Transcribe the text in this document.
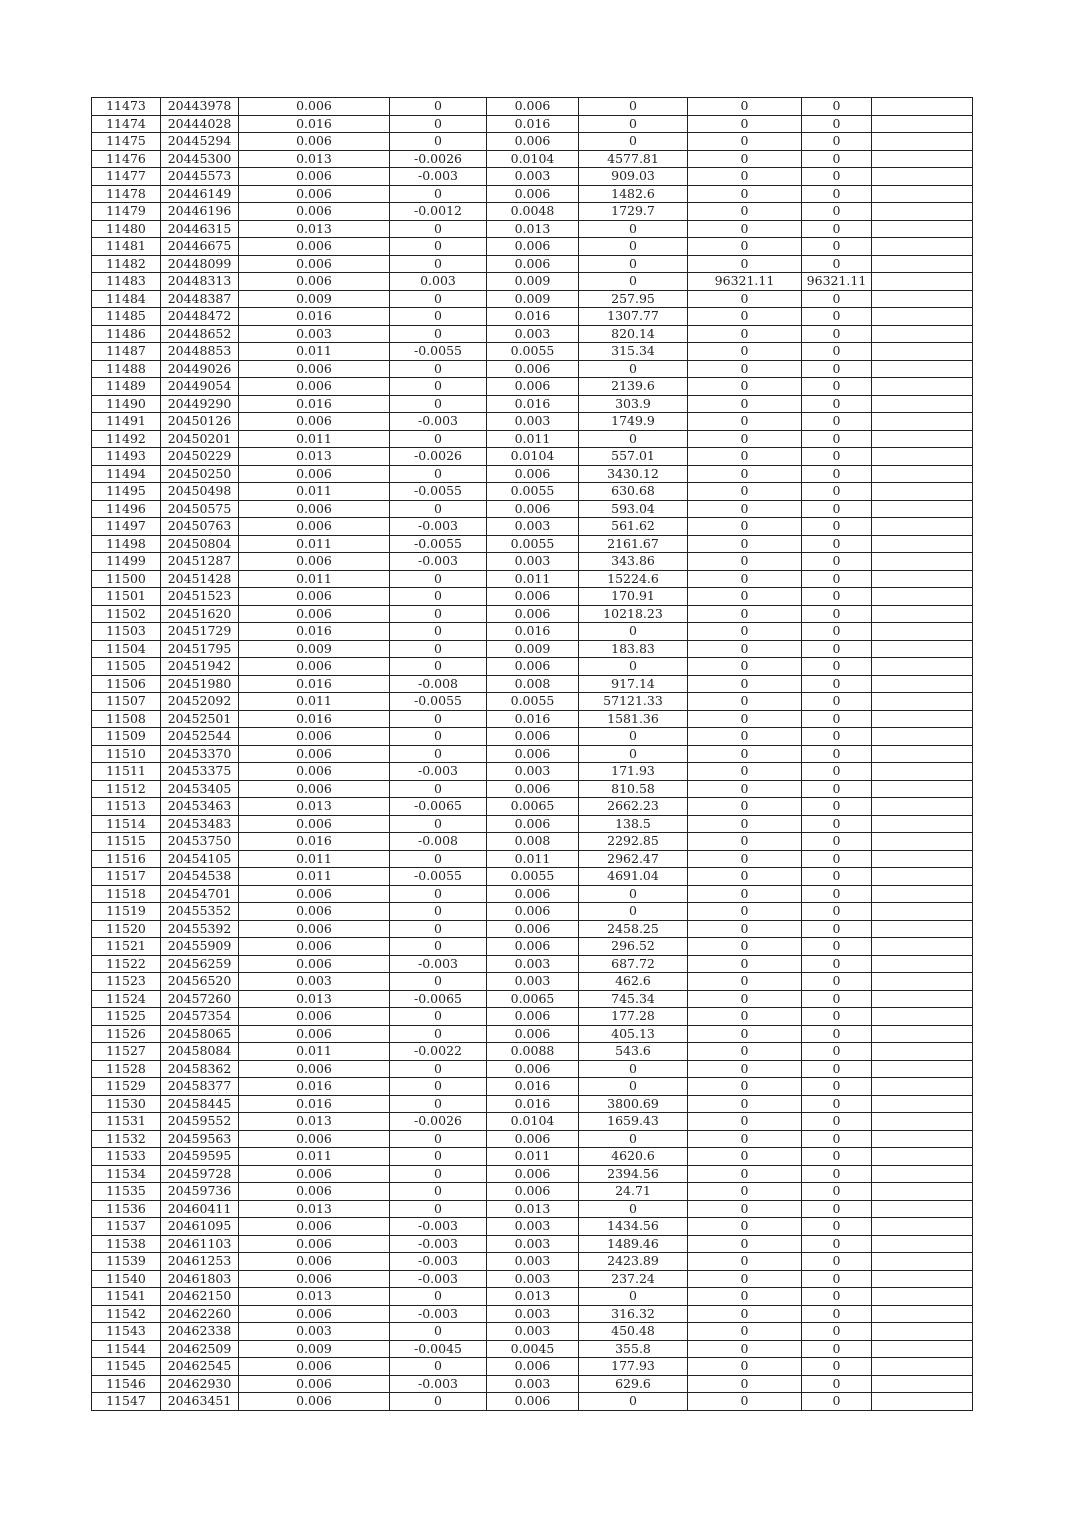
11473	20443978	0.006	0	0.006	0	0	0	
11474	20444028	0.016	0	0.016	0	0	0	
11475	20445294	0.006	0	0.006	0	0	0	
11476	20445300	0.013	-0.0026	0.0104	4577.81	0	0	
11477	20445573	0.006	-0.003	0.003	909.03	0	0	
11478	20446149	0.006	0	0.006	1482.6	0	0	
11479	20446196	0.006	-0.0012	0.0048	1729.7	0	0	
11480	20446315	0.013	0	0.013	0	0	0	
11481	20446675	0.006	0	0.006	0	0	0	
11482	20448099	0.006	0	0.006	0	0	0	
11483	20448313	0.006	0.003	0.009	0	96321.11	96321.11	
11484	20448387	0.009	0	0.009	257.95	0	0	
11485	20448472	0.016	0	0.016	1307.77	0	0	
11486	20448652	0.003	0	0.003	820.14	0	0	
11487	20448853	0.011	-0.0055	0.0055	315.34	0	0	
11488	20449026	0.006	0	0.006	0	0	0	
11489	20449054	0.006	0	0.006	2139.6	0	0	
11490	20449290	0.016	0	0.016	303.9	0	0	
11491	20450126	0.006	-0.003	0.003	1749.9	0	0	
11492	20450201	0.011	0	0.011	0	0	0	
11493	20450229	0.013	-0.0026	0.0104	557.01	0	0	
11494	20450250	0.006	0	0.006	3430.12	0	0	
11495	20450498	0.011	-0.0055	0.0055	630.68	0	0	
11496	20450575	0.006	0	0.006	593.04	0	0	
11497	20450763	0.006	-0.003	0.003	561.62	0	0	
11498	20450804	0.011	-0.0055	0.0055	2161.67	0	0	
11499	20451287	0.006	-0.003	0.003	343.86	0	0	
11500	20451428	0.011	0	0.011	15224.6	0	0	
11501	20451523	0.006	0	0.006	170.91	0	0	
11502	20451620	0.006	0	0.006	10218.23	0	0	
11503	20451729	0.016	0	0.016	0	0	0	
11504	20451795	0.009	0	0.009	183.83	0	0	
11505	20451942	0.006	0	0.006	0	0	0	
11506	20451980	0.016	-0.008	0.008	917.14	0	0	
11507	20452092	0.011	-0.0055	0.0055	57121.33	0	0	
11508	20452501	0.016	0	0.016	1581.36	0	0	
11509	20452544	0.006	0	0.006	0	0	0	
11510	20453370	0.006	0	0.006	0	0	0	
11511	20453375	0.006	-0.003	0.003	171.93	0	0	
11512	20453405	0.006	0	0.006	810.58	0	0	
11513	20453463	0.013	-0.0065	0.0065	2662.23	0	0	
11514	20453483	0.006	0	0.006	138.5	0	0	
11515	20453750	0.016	-0.008	0.008	2292.85	0	0	
11516	20454105	0.011	0	0.011	2962.47	0	0	
11517	20454538	0.011	-0.0055	0.0055	4691.04	0	0	
11518	20454701	0.006	0	0.006	0	0	0	
11519	20455352	0.006	0	0.006	0	0	0	
11520	20455392	0.006	0	0.006	2458.25	0	0	
11521	20455909	0.006	0	0.006	296.52	0	0	
11522	20456259	0.006	-0.003	0.003	687.72	0	0	
11523	20456520	0.003	0	0.003	462.6	0	0	
11524	20457260	0.013	-0.0065	0.0065	745.34	0	0	
11525	20457354	0.006	0	0.006	177.28	0	0	
11526	20458065	0.006	0	0.006	405.13	0	0	
11527	20458084	0.011	-0.0022	0.0088	543.6	0	0	
11528	20458362	0.006	0	0.006	0	0	0	
11529	20458377	0.016	0	0.016	0	0	0	
11530	20458445	0.016	0	0.016	3800.69	0	0	
11531	20459552	0.013	-0.0026	0.0104	1659.43	0	0	
11532	20459563	0.006	0	0.006	0	0	0	
11533	20459595	0.011	0	0.011	4620.6	0	0	
11534	20459728	0.006	0	0.006	2394.56	0	0	
11535	20459736	0.006	0	0.006	24.71	0	0	
11536	20460411	0.013	0	0.013	0	0	0	
11537	20461095	0.006	-0.003	0.003	1434.56	0	0	
11538	20461103	0.006	-0.003	0.003	1489.46	0	0	
11539	20461253	0.006	-0.003	0.003	2423.89	0	0	
11540	20461803	0.006	-0.003	0.003	237.24	0	0	
11541	20462150	0.013	0	0.013	0	0	0	
11542	20462260	0.006	-0.003	0.003	316.32	0	0	
11543	20462338	0.003	0	0.003	450.48	0	0	
11544	20462509	0.009	-0.0045	0.0045	355.8	0	0	
11545	20462545	0.006	0	0.006	177.93	0	0	
11546	20462930	0.006	-0.003	0.003	629.6	0	0	
11547	20463451	0.006	0	0.006	0	0	0	
